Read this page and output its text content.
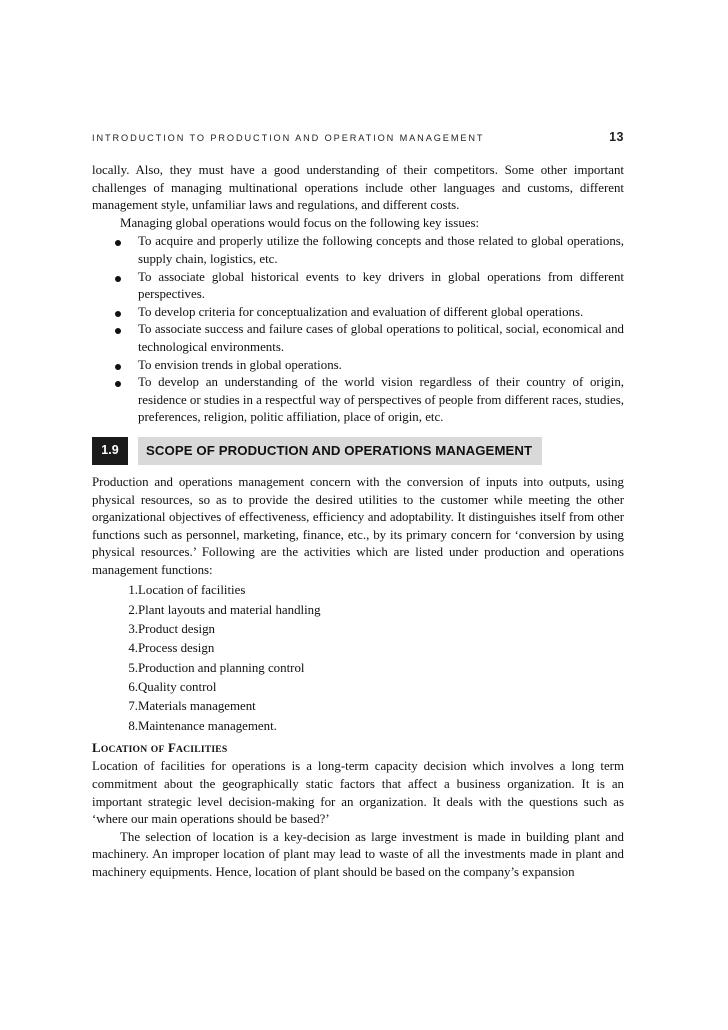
INTRODUCTION TO PRODUCTION AND OPERATION MANAGEMENT	13

locally. Also, they must have a good understanding of their competitors. Some other important challenges of managing multinational operations include other languages and customs, different management style, unfamiliar laws and regulations, and different costs.

Managing global operations would focus on the following key issues:

To acquire and properly utilize the following concepts and those related to global operations, supply chain, logistics, etc.
To associate global historical events to key drivers in global operations from different perspectives.
To develop criteria for conceptualization and evaluation of different global operations.
To associate success and failure cases of global operations to political, social, economical and technological environments.
To envision trends in global operations.
To develop an understanding of the world vision regardless of their country of origin, residence or studies in a respectful way of perspectives of people from different races, studies, preferences, religion, politic affiliation, place of origin, etc.
1.9	SCOPE OF PRODUCTION AND OPERATIONS MANAGEMENT

Production and operations management concern with the conversion of inputs into outputs, using physical resources, so as to provide the desired utilities to the customer while meeting the other organizational objectives of effectiveness, efficiency and adoptability. It distinguishes itself from other functions such as personnel, marketing, finance, etc., by its primary concern for ‘conversion by using physical resources.’ Following are the activities which are listed under production and operations management functions:

1. Location of facilities
2. Plant layouts and material handling
3. Product design
4. Process design
5. Production and planning control
6. Quality control
7. Materials management
8. Maintenance management.
LOCATION OF FACILITIES

Location of facilities for operations is a long-term capacity decision which involves a long term commitment about the geographically static factors that affect a business organization. It is an important strategic level decision-making for an organization. It deals with the questions such as ‘where our main operations should be based?’

The selection of location is a key-decision as large investment is made in building plant and machinery. An improper location of plant may lead to waste of all the investments made in plant and machinery equipments. Hence, location of plant should be based on the company’s expansion
